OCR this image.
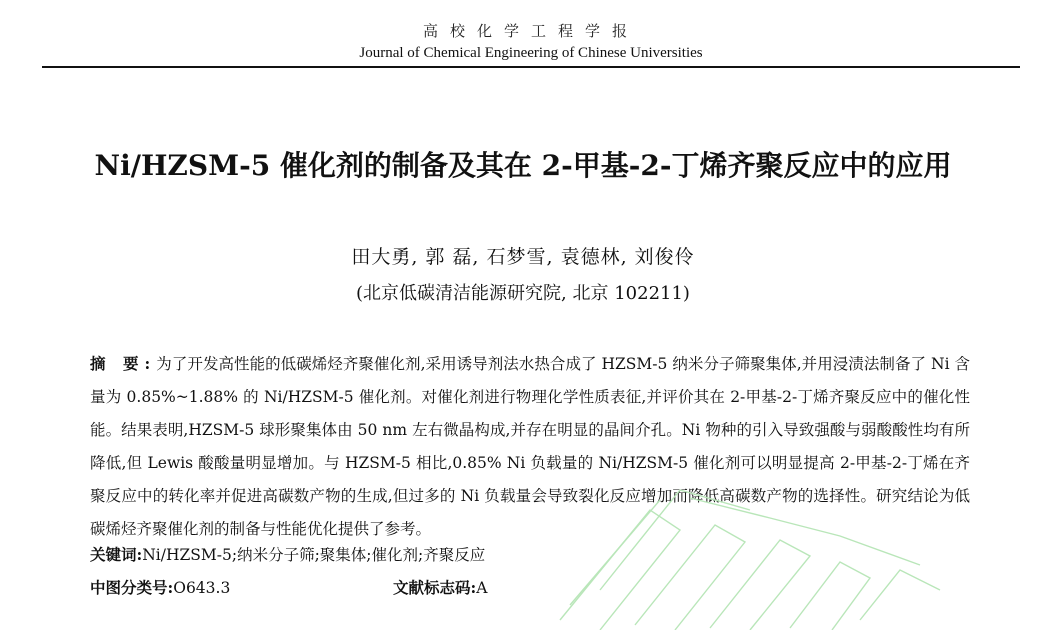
高校化学工程学报
Journal of Chemical Engineering of Chinese Universities
Ni/HZSM-5 催化剂的制备及其在 2-甲基-2-丁烯齐聚反应中的应用
田大勇, 郭 磊, 石梦雪, 袁德林, 刘俊伶
(北京低碳清洁能源研究院, 北京 102211)
摘 要:为了开发高性能的低碳烯烃齐聚催化剂,采用诱导剂法水热合成了 HZSM-5 纳米分子筛聚集体,并用浸渍法制备了 Ni 含量为 0.85%~1.88% 的 Ni/HZSM-5 催化剂。对催化剂进行物理化学性质表征,并评价其在 2-甲基-2-丁烯齐聚反应中的催化性能。结果表明,HZSM-5 球形聚集体由 50 nm 左右微晶构成,并存在明显的晶间介孔。Ni 物种的引入导致强酸与弱酸酸性均有所降低,但 Lewis 酸酸量明显增加。与 HZSM-5 相比,0.85% Ni 负载量的 Ni/HZSM-5 催化剂可以明显提高 2-甲基-2-丁烯在齐聚反应中的转化率并促进高碳数产物的生成,但过多的 Ni 负载量会导致裂化反应增加而降低高碳数产物的选择性。研究结论为低碳烯烃齐聚催化剂的制备与性能优化提供了参考。
关键词:Ni/HZSM-5;纳米分子筛;聚集体;催化剂;齐聚反应
中图分类号:O643.3	文献标志码:A
